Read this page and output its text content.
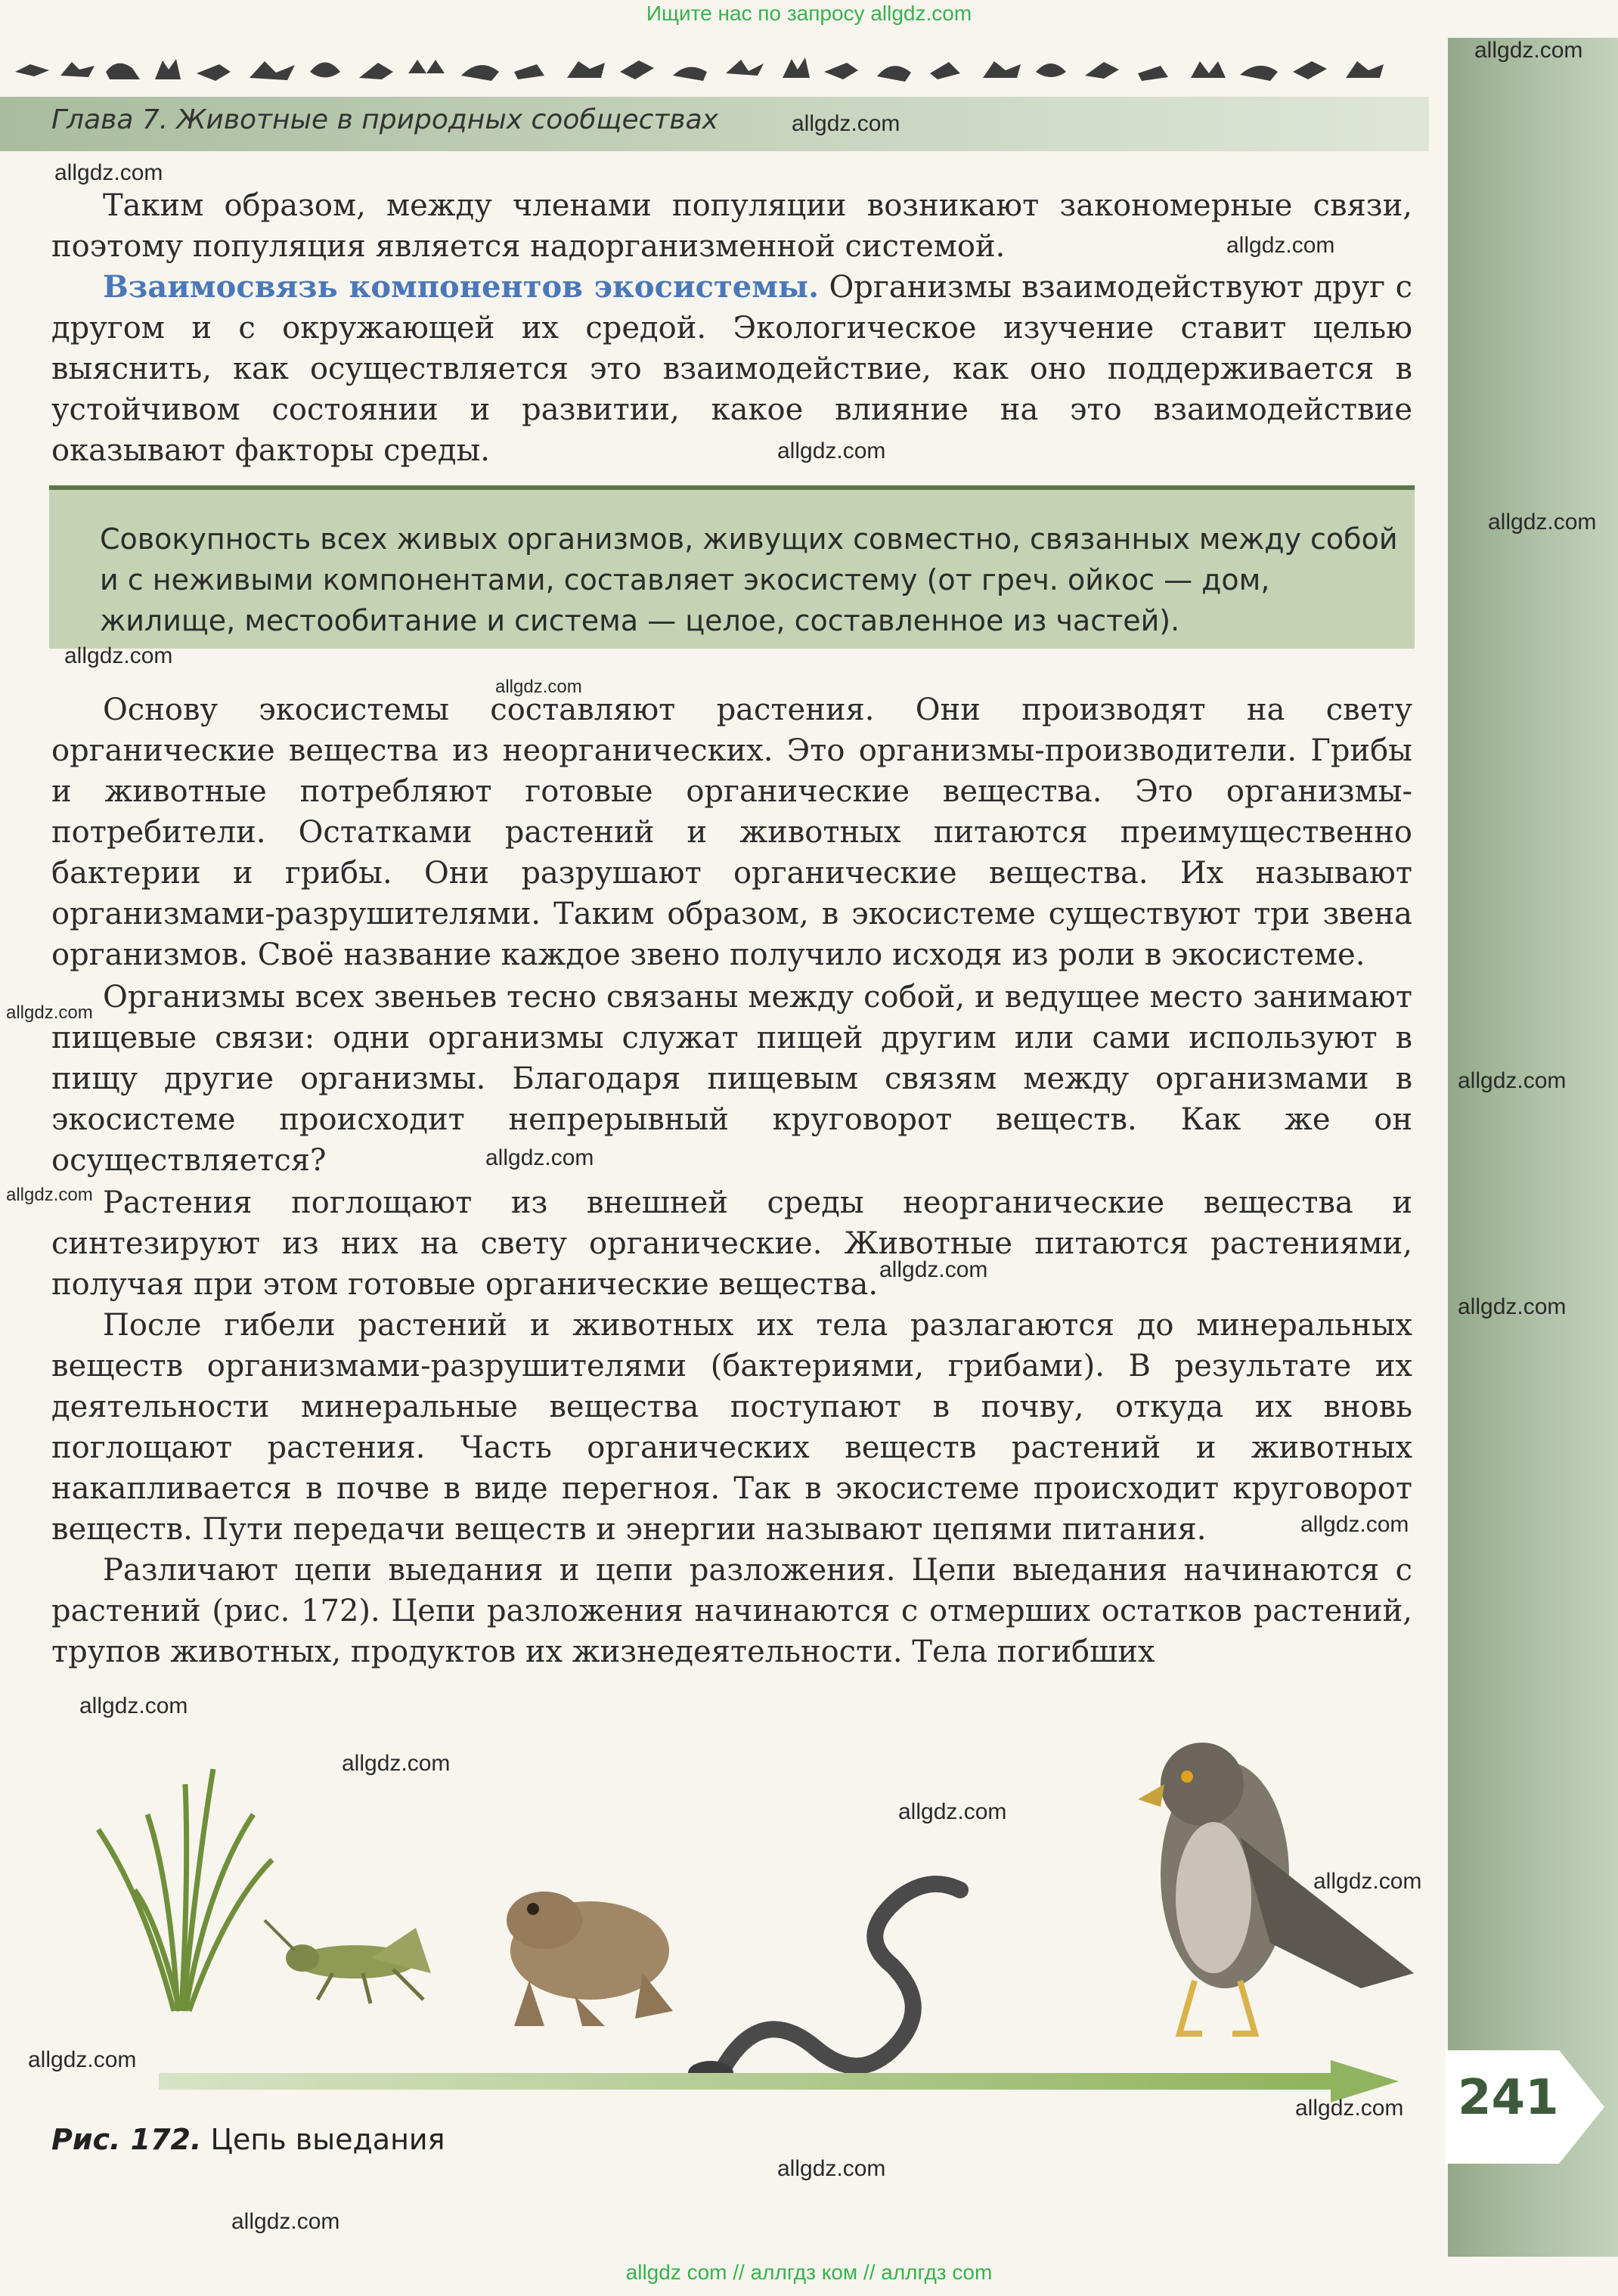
Ищите нас по запросу allgdz.com
Глава 7. Животные в природных сообществах
Таким образом, между членами популяции возникают закономерные связи, поэтому популяция является надорганизменной системой.
Взаимосвязь компонентов экосистемы. Организмы взаимодействуют друг с другом и с окружающей их средой. Экологическое изучение ставит целью выяснить, как осуществляется это взаимодействие, как оно поддерживается в устойчивом состоянии и развитии, какое влияние на это взаимодействие оказывают факторы среды.
Совокупность всех живых организмов, живущих совместно, связанных между собой и с неживыми компонентами, составляет экосистему (от греч. ойкос — дом, жилище, местообитание и система — целое, составленное из частей).
Основу экосистемы составляют растения. Они производят на свету органические вещества из неорганических. Это организмы-производители. Грибы и животные потребляют готовые органические вещества. Это организмы-потребители. Остатками растений и животных питаются преимущественно бактерии и грибы. Они разрушают органические вещества. Их называют организмами-разрушителями. Таким образом, в экосистеме существуют три звена организмов. Своё название каждое звено получило исходя из роли в экосистеме.
Организмы всех звеньев тесно связаны между собой, и ведущее место занимают пищевые связи: одни организмы служат пищей другим или сами используют в пищу другие организмы. Благодаря пищевым связям между организмами в экосистеме происходит непрерывный круговорот веществ. Как же он осуществляется?
Растения поглощают из внешней среды неорганические вещества и синтезируют из них на свету органические. Животные питаются растениями, получая при этом готовые органические вещества.
После гибели растений и животных их тела разлагаются до минеральных веществ организмами-разрушителями (бактериями, грибами). В результате их деятельности минеральные вещества поступают в почву, откуда их вновь поглощают растения. Часть органических веществ растений и животных накапливается в почве в виде перегноя. Так в экосистеме происходит круговорот веществ. Пути передачи веществ и энергии называют цепями питания.
Различают цепи выедания и цепи разложения. Цепи выедания начинаются с растений (рис. 172). Цепи разложения начинаются с отмерших остатков растений, трупов животных, продуктов их жизнедеятельности. Тела погибших
Рис. 172. Цепь выедания
241
allgdz.com
allgdz.com
allgdz.com
allgdz.com
allgdz.com
allgdz.com
allgdz.com
allgdz.com
allgdz.com
allgdz.com
allgdz.com
allgdz.com
allgdz.com
allgdz.com
allgdz.com
allgdz.com
allgdz.com
allgdz.com
allgdz.com
allgdz.com
allgdz.com
allgdz.com
allgdz.com
allgdz com // аллгдз ком // аллгдз com
